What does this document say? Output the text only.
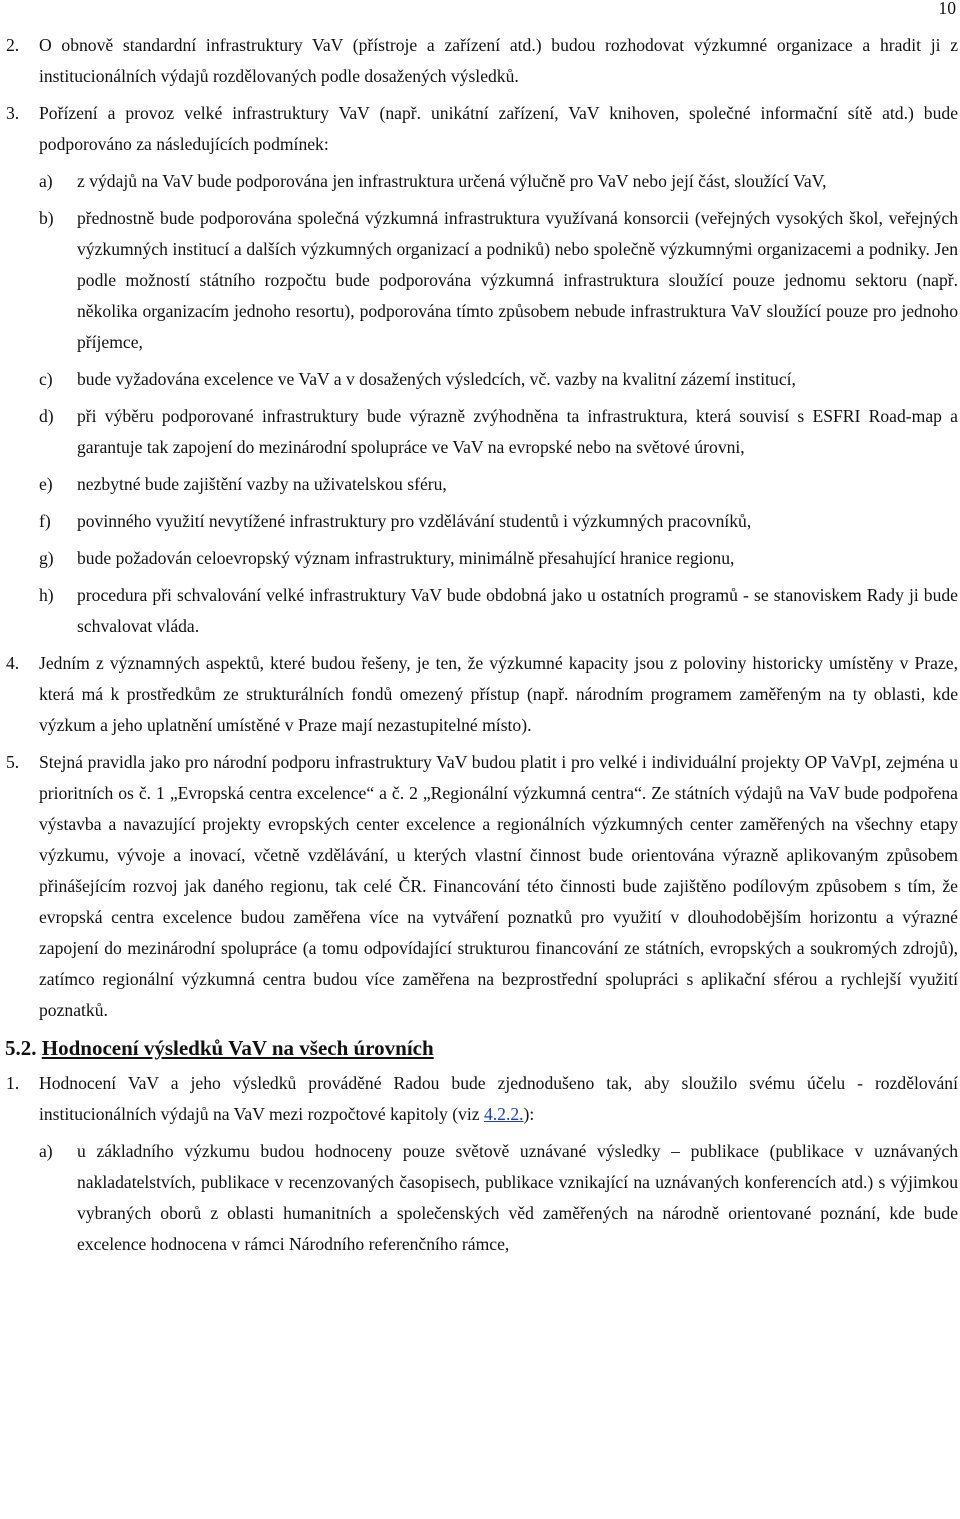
10
2.	O obnově standardní infrastruktury VaV (přístroje a zařízení atd.) budou rozhodovat výzkumné organizace a hradit ji z institucionálních výdajů rozdělovaných podle dosažených výsledků.
3.	Pořízení a provoz velké infrastruktury VaV (např. unikátní zařízení, VaV knihoven, společné informační sítě atd.) bude podporováno za následujících podmínek:
a)	z výdajů na VaV bude podporována jen infrastruktura určená výlučně pro VaV nebo její část, sloužící VaV,
b)	přednostně bude podporována společná výzkumná infrastruktura využívaná konsorcii (veřejných vysokých škol, veřejných výzkumných institucí a dalších výzkumných organizací a podniků) nebo společně výzkumnými organizacemi a podniky. Jen podle možností státního rozpočtu bude podporována výzkumná infrastruktura sloužící pouze jednomu sektoru (např. několika organizacím jednoho resortu), podporována tímto způsobem nebude infrastruktura VaV sloužící pouze pro jednoho příjemce,
c)	bude vyžadována excelence ve VaV a v dosažených výsledcích, vč. vazby na kvalitní zázemí institucí,
d)	při výběru podporované infrastruktury bude výrazně zvýhodněna ta infrastruktura, která souvisí s ESFRI Road-map a garantuje tak zapojení do mezinárodní spolupráce ve VaV na evropské nebo na světové úrovni,
e)	nezbytné bude zajištění vazby na uživatelskou sféru,
f)	povinného využití nevytížené infrastruktury pro vzdělávání studentů i výzkumných pracovníků,
g)	bude požadován celoevropský význam infrastruktury, minimálně přesahující hranice regionu,
h)	procedura při schvalování velké infrastruktury VaV bude obdobná jako u ostatních programů - se stanoviskem Rady ji bude schvalovat vláda.
4.	Jedním z významných aspektů, které budou řešeny, je ten, že výzkumné kapacity jsou z poloviny historicky umístěny v Praze, která má k prostředkům ze strukturálních fondů omezený přístup (např. národním programem zaměřeným na ty oblasti, kde výzkum a jeho uplatnění umístěné v Praze mají nezastupitelné místo).
5.	Stejná pravidla jako pro národní podporu infrastruktury VaV budou platit i pro velké i individuální projekty OP VaVpI, zejména u prioritních os č. 1 „Evropská centra excelence“ a č. 2 „Regionální výzkumná centra“. Ze státních výdajů na VaV bude podpořena výstavba a navazující projekty evropských center excelence a regionálních výzkumných center zaměřených na všechny etapy výzkumu, vývoje a inovací, včetně vzdělávání, u kterých vlastní činnost bude orientována výrazně aplikovaným způsobem přinášejícím rozvoj jak daného regionu, tak celé ČR. Financování této činnosti bude zajištěno podílovým způsobem s tím, že evropská centra excelence budou zaměřena více na vytváření poznatků pro využití v dlouhodobějším horizontu a výrazné zapojení do mezinárodní spolupráce (a tomu odpovídající strukturou financování ze státních, evropských a soukromých zdrojů), zatímco regionální výzkumná centra budou více zaměřena na bezprostřední spolupráci s aplikační sférou a rychlejší využití poznatků.
5.2. Hodnocení výsledků VaV na všech úrovních
1.	Hodnocení VaV a jeho výsledků prováděné Radou bude zjednodušeno tak, aby sloužilo svému účelu - rozdělování institucionálních výdajů na VaV mezi rozpočtové kapitoly (viz 4.2.2.):
a)	u základního výzkumu budou hodnoceny pouze světově uznávané výsledky – publikace (publikace v uznávaných nakladatelstvích, publikace v recenzovaných časopisech, publikace vznikající na uznávaných konferencích atd.) s výjimkou vybraných oborů z oblasti humanitních a společenských věd zaměřených na národně orientované poznání, kde bude excelence hodnocena v rámci Národního referenčního rámce,
